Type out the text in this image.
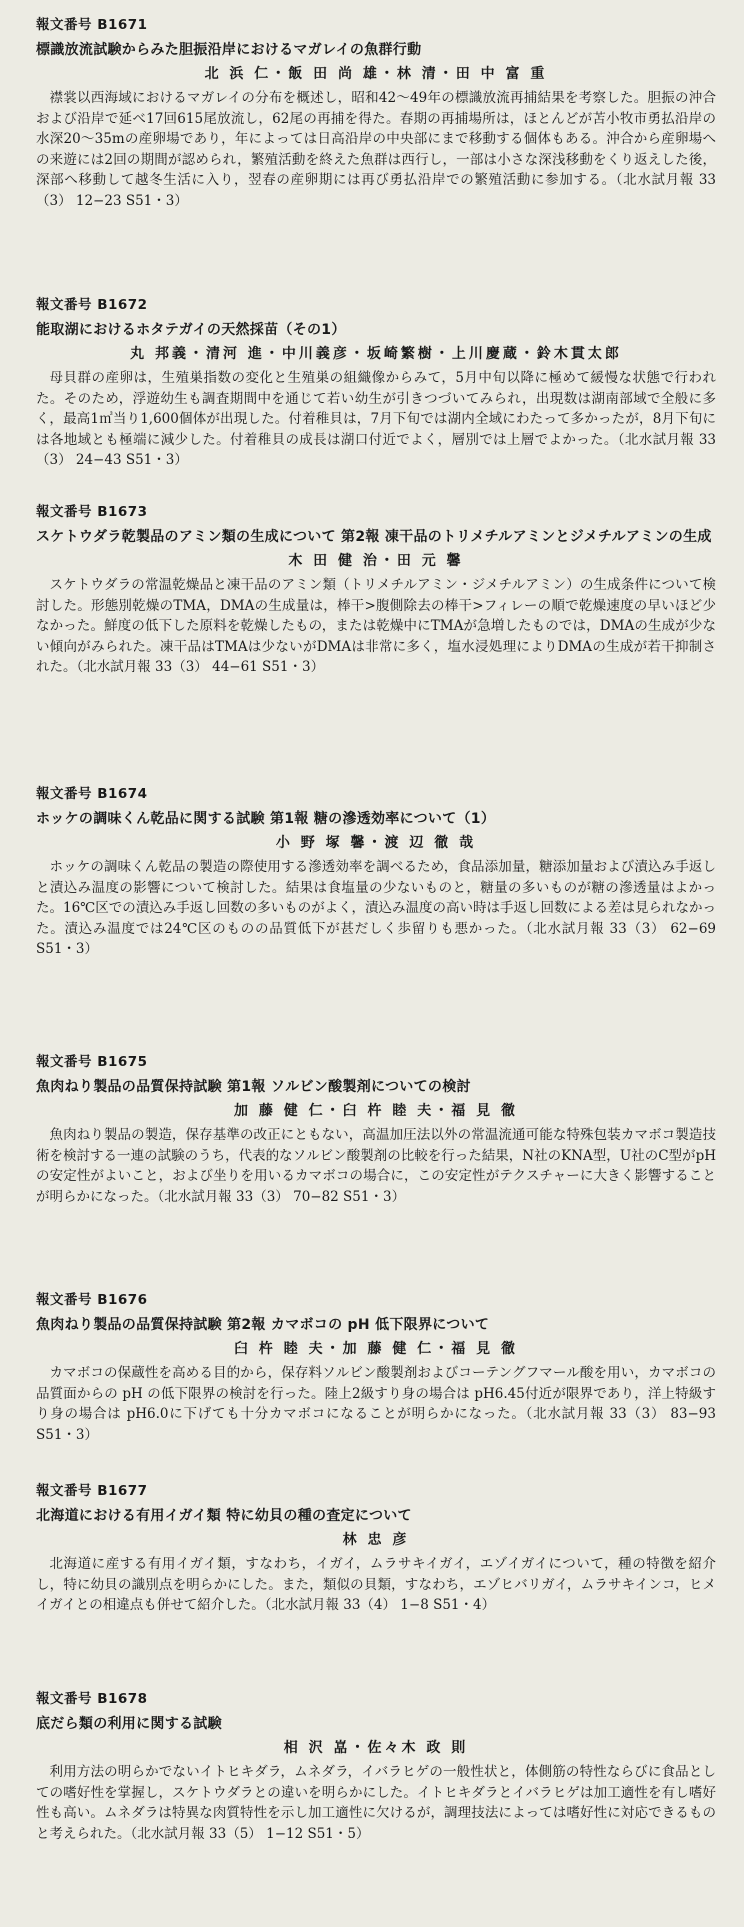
報文番号 B1671
標識放流試験からみた胆振沿岸におけるマガレイの魚群行動
北 浜 仁・飯 田 尚 雄・林 清・田 中 富 重

襟裳以西海域におけるマガレイの分布を概述し，昭和42〜49年の標識放流再捕結果を考察した。胆振の沖合および沿岸で延べ17回615尾放流し，62尾の再捕を得た。春期の再捕場所は，ほとんどが苫小牧市勇払沿岸の水深20〜35mの産卵場であり，年によっては日高沿岸の中央部にまで移動する個体もある。沖合から産卵場への来遊には2回の期間が認められ，繁殖活動を終えた魚群は西行し，一部は小さな深浅移動をくり返えした後，深部へ移動して越冬生活に入り，翌春の産卵期には再び勇払沿岸での繁殖活動に参加する。（北水試月報 33（3） 12−23 S51・3）

報文番号 B1672
能取湖におけるホタテガイの天然採苗（その1）
丸 邦義・清河 進・中川義彦・坂崎繁樹・上川慶蔵・鈴木貫太郎

母貝群の産卵は，生殖巣指数の変化と生殖巣の組織像からみて，5月中旬以降に極めて緩慢な状態で行われた。そのため，浮遊幼生も調査期間中を通じて若い幼生が引きつづいてみられ，出現数は湖南部域で全般に多く，最高1㎥当り1,600個体が出現した。付着稚貝は，7月下旬では湖内全域にわたって多かったが，8月下旬には各地域とも極端に減少した。付着稚貝の成長は湖口付近でよく，層別では上層でよかった。（北水試月報 33（3） 24−43 S51・3）

報文番号 B1673
スケトウダラ乾製品のアミン類の生成について 第2報 凍干品のトリメチルアミンとジメチルアミンの生成
木 田 健 治・田 元 馨

スケトウダラの常温乾燥品と凍干品のアミン類（トリメチルアミン・ジメチルアミン）の生成条件について検討した。形態別乾燥のTMA，DMAの生成量は，棒干>腹側除去の棒干>フィレーの順で乾燥速度の早いほど少なかった。鮮度の低下した原料を乾燥したもの，または乾燥中にTMAが急増したものでは，DMAの生成が少ない傾向がみられた。凍干品はTMAは少ないがDMAは非常に多く，塩水浸処理によりDMAの生成が若干抑制された。（北水試月報 33（3） 44−61 S51・3）

報文番号 B1674
ホッケの調味くん乾品に関する試験 第1報 糖の滲透効率について（1）
小 野 塚 馨・渡 辺 徹 哉

ホッケの調味くん乾品の製造の際使用する滲透効率を調べるため，食品添加量，糖添加量および漬込み手返しと漬込み温度の影響について検討した。結果は食塩量の少ないものと，糖量の多いものが糖の滲透量はよかった。16℃区での漬込み手返し回数の多いものがよく，漬込み温度の高い時は手返し回数による差は見られなかった。漬込み温度では24℃区のものの品質低下が甚だしく歩留りも悪かった。（北水試月報 33（3） 62−69 S51・3）

報文番号 B1675
魚肉ねり製品の品質保持試験 第1報 ソルビン酸製剤についての検討
加 藤 健 仁・臼 杵 睦 夫・福 見 徹

魚肉ねり製品の製造，保存基準の改正にともない，高温加圧法以外の常温流通可能な特殊包装カマボコ製造技術を検討する一連の試験のうち，代表的なソルビン酸製剤の比較を行った結果，N社のKNA型，U社のC型がpHの安定性がよいこと，および坐りを用いるカマボコの場合に，この安定性がテクスチャーに大きく影響することが明らかになった。（北水試月報 33（3） 70−82 S51・3）

報文番号 B1676
魚肉ねり製品の品質保持試験 第2報 カマボコの pH 低下限界について
臼 杵 睦 夫・加 藤 健 仁・福 見 徹

カマボコの保蔵性を高める目的から，保存料ソルビン酸製剤およびコーテングフマール酸を用い，カマボコの品質面からの pH の低下限界の検討を行った。陸上2級すり身の場合は pH6.45付近が限界であり，洋上特級すり身の場合は pH6.0に下げても十分カマボコになることが明らかになった。（北水試月報 33（3） 83−93 S51・3）

報文番号 B1677
北海道における有用イガイ類 特に幼貝の種の査定について
林 忠 彦

北海道に産する有用イガイ類，すなわち，イガイ，ムラサキイガイ，エゾイガイについて，種の特徴を紹介し，特に幼貝の識別点を明らかにした。また，類似の貝類，すなわち，エゾヒバリガイ，ムラサキインコ，ヒメイガイとの相違点も併せて紹介した。（北水試月報 33（4） 1−8 S51・4）

報文番号 B1678
底だら類の利用に関する試験
相 沢 嵓・佐々木 政 則

利用方法の明らかでないイトヒキダラ，ムネダラ，イバラヒゲの一般性状と，体側筋の特性ならびに食品としての嗜好性を掌握し，スケトウダラとの違いを明らかにした。イトヒキダラとイバラヒゲは加工適性を有し嗜好性も高い。ムネダラは特異な肉質特性を示し加工適性に欠けるが，調理技法によっては嗜好性に対応できるものと考えられた。（北水試月報 33（5） 1−12 S51・5）
